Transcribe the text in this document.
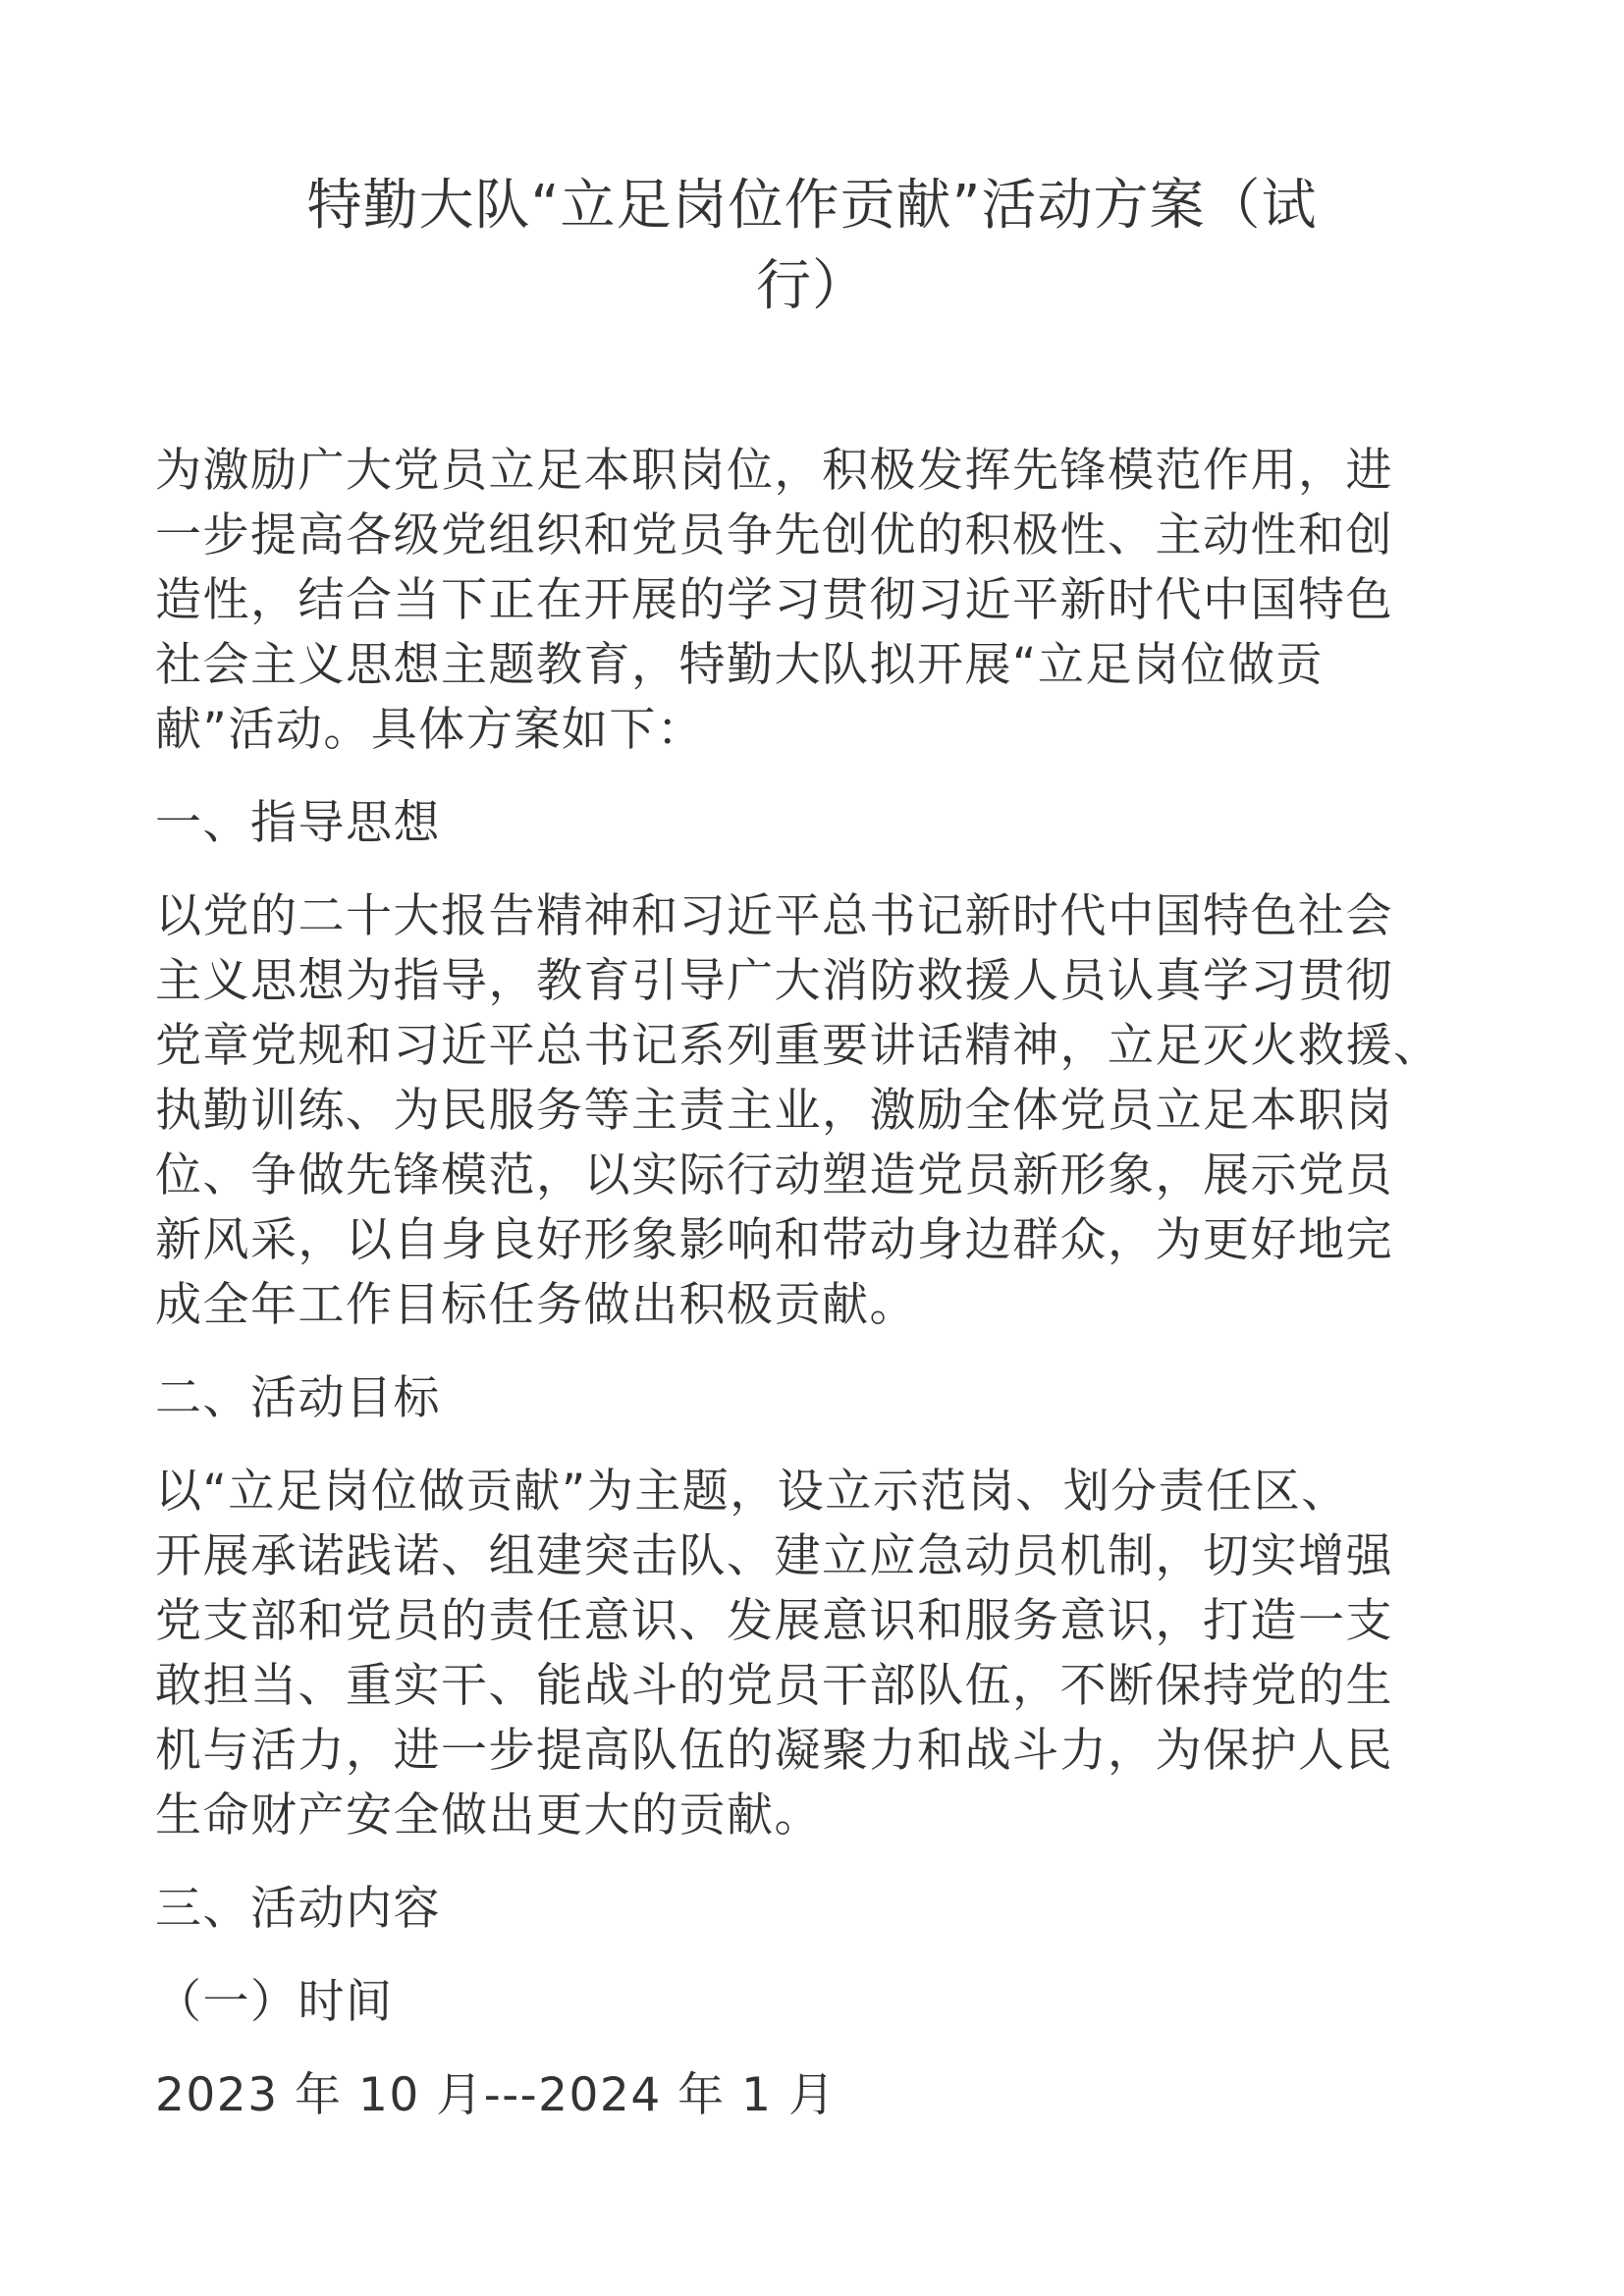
特勤大队“立足岗位作贡献”活动方案（试
行）
为激励广大党员立足本职岗位，积极发挥先锋模范作用，进
一步提高各级党组织和党员争先创优的积极性、主动性和创
造性，结合当下正在开展的学习贯彻习近平新时代中国特色
社会主义思想主题教育，特勤大队拟开展“立足岗位做贡
献”活动。具体方案如下：
一、指导思想
以党的二十大报告精神和习近平总书记新时代中国特色社会
主义思想为指导，教育引导广大消防救援人员认真学习贯彻
党章党规和习近平总书记系列重要讲话精神，立足灭火救援、
执勤训练、为民服务等主责主业，激励全体党员立足本职岗
位、争做先锋模范，以实际行动塑造党员新形象，展示党员
新风采，以自身良好形象影响和带动身边群众，为更好地完
成全年工作目标任务做出积极贡献。
二、活动目标
以“立足岗位做贡献”为主题，设立示范岗、划分责任区、
开展承诺践诺、组建突击队、建立应急动员机制，切实增强
党支部和党员的责任意识、发展意识和服务意识，打造一支
敢担当、重实干、能战斗的党员干部队伍，不断保持党的生
机与活力，进一步提高队伍的凝聚力和战斗力，为保护人民
生命财产安全做出更大的贡献。
三、活动内容
（一）时间
2023 年 10 月---2024 年 1 月
